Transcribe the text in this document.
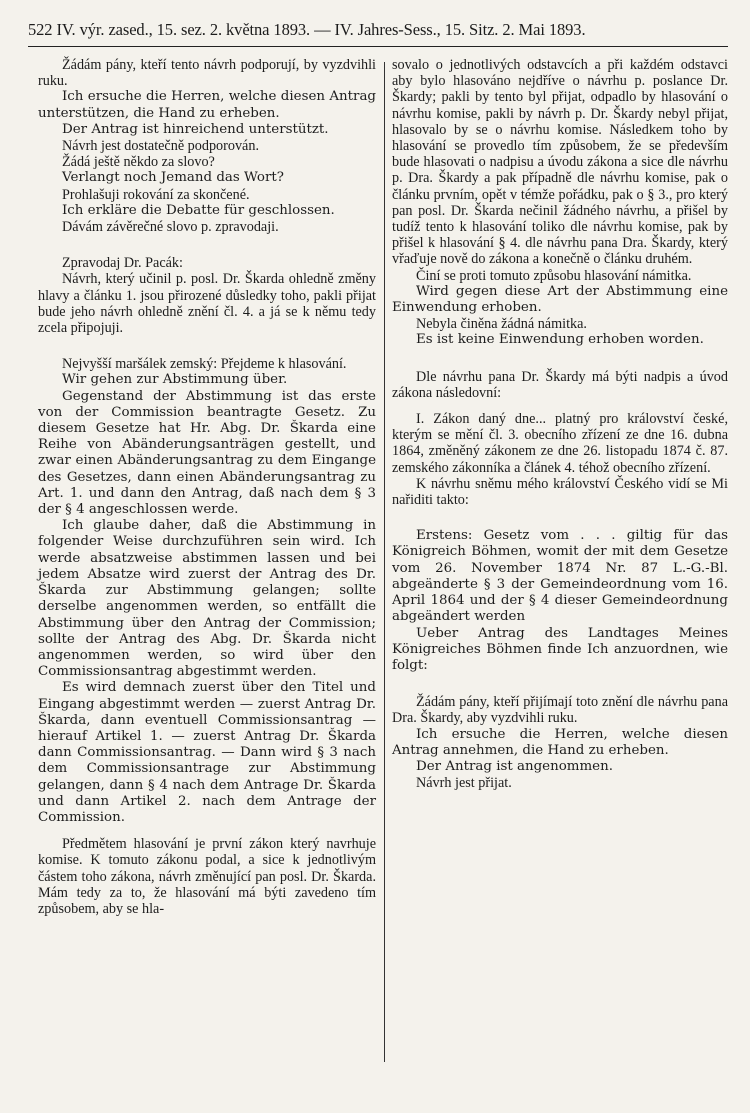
522 IV. výr. zased., 15. sez. 2. května 1893. — IV. Jahres-Sess., 15. Sitz. 2. Mai 1893.

Žádám pány, kteří tento návrh podporují, by vyzdvihli ruku.

Ich ersuche die Herren, welche diesen Antrag unterstützen, die Hand zu erheben.

Der Antrag ist hinreichend unterstützt.

Návrh jest dostatečně podporován.

Žádá ještě někdo za slovo?

Verlangt noch Jemand das Wort?

Prohlašuji rokování za skončené.

Ich erkläre die Debatte für geschlossen.

Dávám závěrečné slovo p. zpravodaji.

Zpravodaj Dr. Pacák:

Návrh, který učinil p. posl. Dr. Škarda ohledně změny hlavy a článku 1. jsou přirozené důsledky toho, pakli přijat bude jeho návrh ohledně znění čl. 4. a já se k němu tedy zcela připojuji.

Nejvyšší maršálek zemský: Přejdeme k hlasování.

Wir gehen zur Abstimmung über.

Gegenstand der Abstimmung ist das erste von der Commission beantragte Gesetz. Zu diesem Gesetze hat Hr. Abg. Dr. Škarda eine Reihe von Abänderungsanträgen gestellt, und zwar einen Abänderungsantrag zu dem Eingange des Gesetzes, dann einen Abänderungsantrag zu Art. 1. und dann den Antrag, daß nach dem § 3 der § 4 angeschlossen werde.

Ich glaube daher, daß die Abstimmung in folgender Weise durchzuführen sein wird. Ich werde absatzweise abstimmen lassen und bei jedem Absatze wird zuerst der Antrag des Dr. Škarda zur Abstimmung gelangen; sollte derselbe angenommen werden, so entfällt die Abstimmung über den Antrag der Commission; sollte der Antrag des Abg. Dr. Škarda nicht angenommen werden, so wird über den Commissionsantrag abgestimmt werden.

Es wird demnach zuerst über den Titel und Eingang abgestimmt werden — zuerst Antrag Dr. Škarda, dann eventuell Commissionsantrag — hierauf Artikel 1. — zuerst Antrag Dr. Škarda dann Commissionsantrag. — Dann wird § 3 nach dem Commissionsantrage zur Abstimmung gelangen, dann § 4 nach dem Antrage Dr. Škarda und dann Artikel 2. nach dem Antrage der Commission.

Předmětem hlasování je první zákon který navrhuje komise. K tomuto zákonu podal, a sice k jednotlivým částem toho zákona, návrh změnující pan posl. Dr. Škarda. Mám tedy za to, že hlasování má býti zavedeno tím způsobem, aby se hla-

sovalo o jednotlivých odstavcích a při každém odstavci aby bylo hlasováno nejdříve o návrhu p. poslance Dr. Škardy; pakli by tento byl přijat, odpadlo by hlasování o návrhu komise, pakli by návrh p. Dr. Škardy nebyl přijat, hlasovalo by se o návrhu komise. Následkem toho by hlasování se provedlo tím způsobem, že se především bude hlasovati o nadpisu a úvodu zákona a sice dle návrhu p. Dra. Škardy a pak případně dle návrhu komise, pak o článku prvním, opět v témže pořádku, pak o § 3., pro který pan posl. Dr. Škarda nečinil žádného návrhu, a přišel by tudíž tento k hlasování toliko dle návrhu komise, pak by přišel k hlasování § 4. dle návrhu pana Dra. Škardy, který vřaďuje nově do zákona a konečně o článku druhém.

Činí se proti tomuto způsobu hlasování námitka.

Wird gegen diese Art der Abstimmung eine Einwendung erhoben.

Nebyla činěna žádná námitka.

Es ist keine Einwendung erhoben worden.

Dle návrhu pana Dr. Škardy má býti nadpis a úvod zákona následovní:

I. Zákon daný dne... platný pro království české, kterým se mění čl. 3. obecního zřízení ze dne 16. dubna 1864, změněný zákonem ze dne 26. listopadu 1874 č. 87. zemského zákonníka a článek 4. téhož obecního zřízení.

K návrhu sněmu mého království Českého vidí se Mi nařiditi takto:

Erstens: Gesetz vom . . . giltig für das Königreich Böhmen, womit der mit dem Gesetze vom 26. November 1874 Nr. 87 L.-G.-Bl. abgeänderte § 3 der Gemeindeordnung vom 16. April 1864 und der § 4 dieser Gemeindeordnung abgeändert werden

Ueber Antrag des Landtages Meines Königreiches Böhmen finde Ich anzuordnen, wie folgt:

Žádám pány, kteří přijímají toto znění dle návrhu pana Dra. Škardy, aby vyzdvihli ruku.

Ich ersuche die Herren, welche diesen Antrag annehmen, die Hand zu erheben.

Der Antrag ist angenommen.

Návrh jest přijat.
